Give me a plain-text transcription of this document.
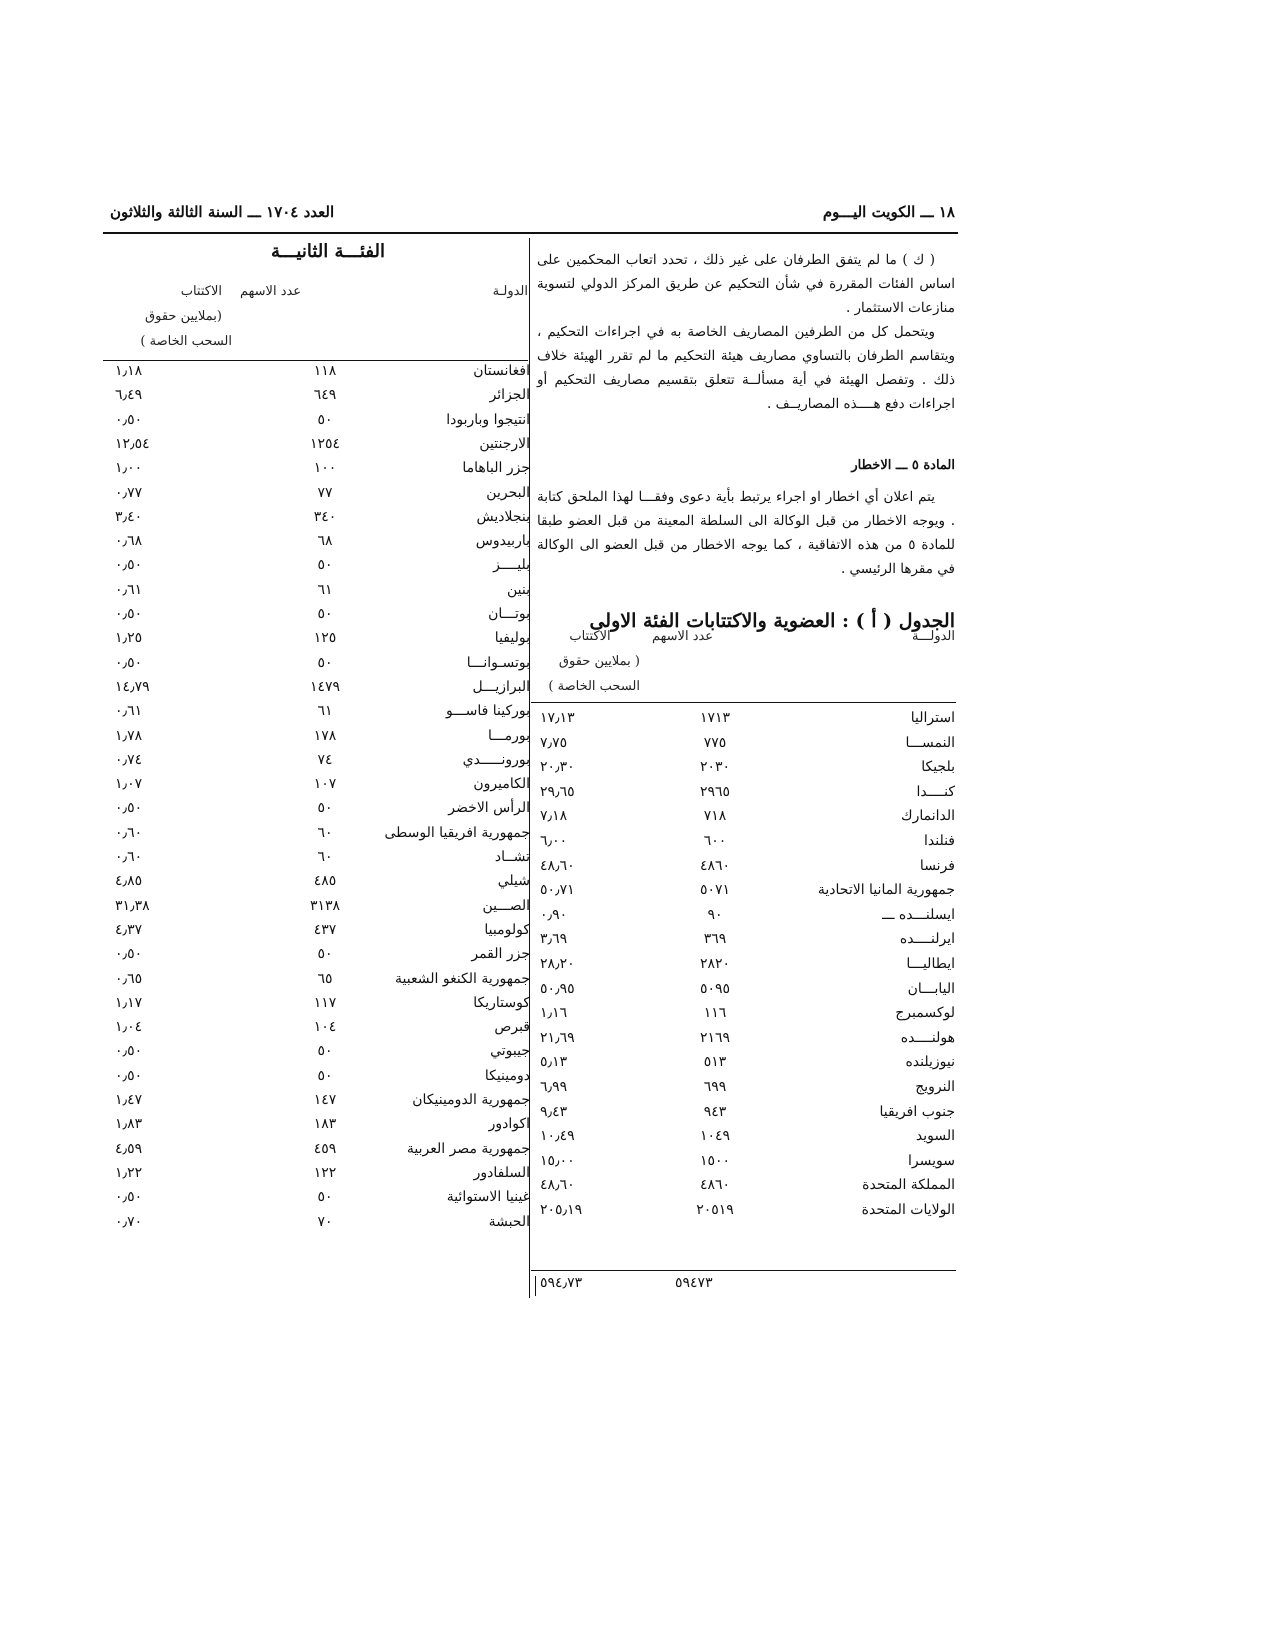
١٨ ـــ الكويت اليـــوم
العدد ١٧٠٤ ـــ السنة الثالثة والثلاثون

( ك ) ما لم يتفق الطرفان على غير ذلك ، تحدد اتعاب المحكمين على اساس الفئات المقررة في شأن التحكيم عن طريق المركز الدولي لتسوية منازعات الاستثمار .

ويتحمل كل من الطرفين المصاريف الخاصة به في اجراءات التحكيم ، ويتقاسم الطرفان بالتساوي مصاريف هيئة التحكيم ما لم تقرر الهيئة خلاف ذلك . وتفصل الهيئة في أية مسألــة تتعلق بتقسيم مصاريف التحكيم أو اجراءات دفع هــــذه المصاريــف .

المادة ٥ ـــ الاخطار

يتم اعلان أي اخطار او اجراء يرتبط بأية دعوى وفقـــا لهذا الملحق كتابة . ويوجه الاخطار من قبل الوكالة الى السلطة المعينة من قبل العضو طبقا للمادة ٥ من هذه الاتفاقية ، كما يوجه الاخطار من قبل العضو الى الوكالة في مقرها الرئيسي .

الجدول ( أ ) : العضوية والاكتتابات الفئة الاولى
الدولـــة
عدد الاسهم
الاكتتاب
( بملايين حقوق
السحب الخاصة )
استراليا
١٧١٣
١٧٫١٣
النمســـا
٧٧٥
٧٫٧٥
بلجيكا
٢٠٣٠
٢٠٫٣٠
كنــــدا
٢٩٦٥
٢٩٫٦٥
الدانمارك
٧١٨
٧٫١٨
فنلندا
٦٠٠
٦٫٠٠
فرنسا
٤٨٦٠
٤٨٫٦٠
جمهورية المانيا الاتحادية
٥٠٧١
٥٠٫٧١
ايسلنـــده ـــ
٩٠
٠٫٩٠
ايرلنــــده
٣٦٩
٣٫٦٩
ايطاليـــا
٢٨٢٠
٢٨٫٢٠
اليابـــان
٥٠٩٥
٥٠٫٩٥
لوكسمبرج
١١٦
١٫١٦
هولنــــده
٢١٦٩
٢١٫٦٩
نيوزيلنده
٥١٣
٥٫١٣
النرويج
٦٩٩
٦٫٩٩
جنوب افريقيا
٩٤٣
٩٫٤٣
السويد
١٠٤٩
١٠٫٤٩
سويسرا
١٥٠٠
١٥٫٠٠
المملكة المتحدة
٤٨٦٠
٤٨٫٦٠
الولايات المتحدة
٢٠٥١٩
٢٠٥٫١٩
٥٩٤٫٧٣	٥٩٤٧٣
الفئـــة الثانيـــة
الدولـة
عدد الاسهم
الاكتتاب
(بملايين حقوق
السحب الخاصة )
افغانستان
١١٨
١٫١٨
الجزائر
٦٤٩
٦٫٤٩
انتيجوا وباربودا
٥٠
٠٫٥٠
الارجنتين
١٢٥٤
١٢٫٥٤
جزر الباهاما
١٠٠
١٫٠٠
البحرين
٧٧
٠٫٧٧
بنجلاديش
٣٤٠
٣٫٤٠
باربيدوس
٦٨
٠٫٦٨
بليــــز
٥٠
٠٫٥٠
بنين
٦١
٠٫٦١
بوتـــان
٥٠
٠٫٥٠
بوليفيا
١٢٥
١٫٢٥
بوتسـوانـــا
٥٠
٠٫٥٠
البرازيـــل
١٤٧٩
١٤٫٧٩
بوركينا فاســـو
٦١
٠٫٦١
بورمـــا
١٧٨
١٫٧٨
بورونـــــدي
٧٤
٠٫٧٤
الكاميرون
١٠٧
١٫٠٧
الرأس الاخضر
٥٠
٠٫٥٠
جمهورية افريقيا الوسطى
٦٠
٠٫٦٠
تشــاد
٦٠
٠٫٦٠
شيلي
٤٨٥
٤٫٨٥
الصـــين
٣١٣٨
٣١٫٣٨
كولومبيا
٤٣٧
٤٫٣٧
جزر القمر
٥٠
٠٫٥٠
جمهورية الكنغو الشعبية
٦٥
٠٫٦٥
كوستاريكا
١١٧
١٫١٧
قبرص
١٠٤
١٫٠٤
جيبوتي
٥٠
٠٫٥٠
دومينيكا
٥٠
٠٫٥٠
جمهورية الدومينيكان
١٤٧
١٫٤٧
اكوادور
١٨٣
١٫٨٣
جمهورية مصر العربية
٤٥٩
٤٫٥٩
السلفادور
١٢٢
١٫٢٢
غينيا الاستوائية
٥٠
٠٫٥٠
الحبشة
٧٠
٠٫٧٠
